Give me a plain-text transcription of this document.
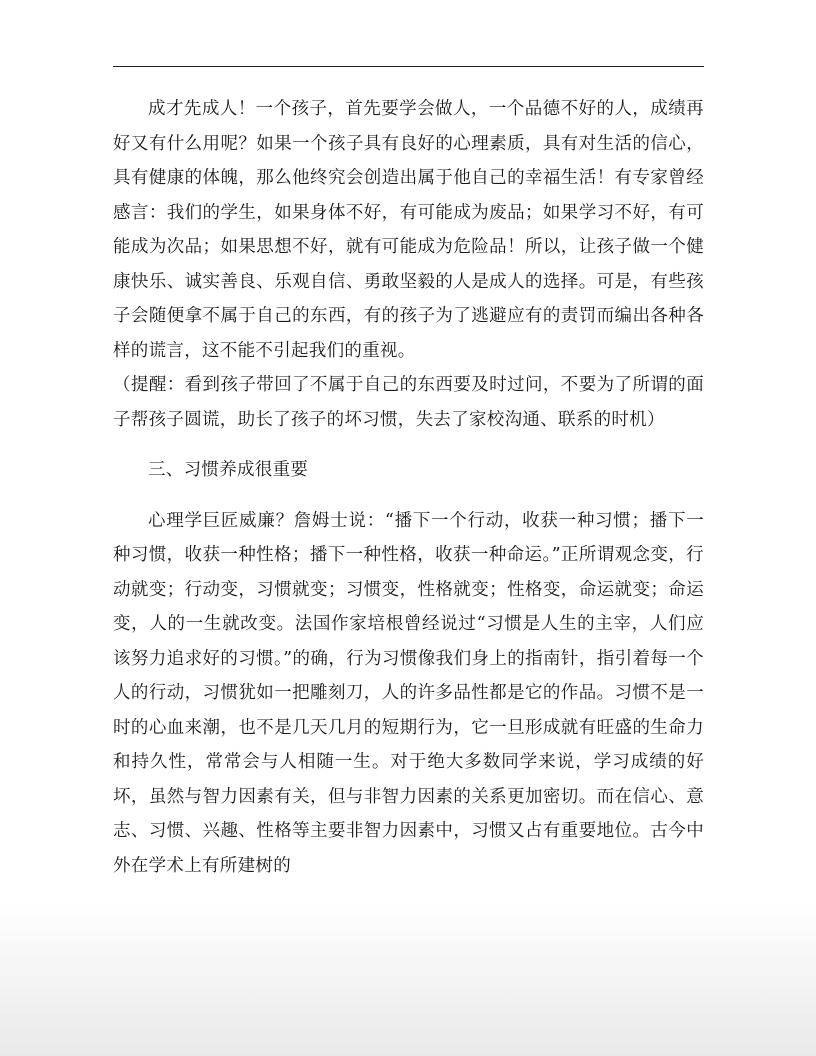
成才先成人！一个孩子，首先要学会做人，一个品德不好的人，成绩再好又有什么用呢？如果一个孩子具有良好的心理素质，具有对生活的信心，具有健康的体魄，那么他终究会创造出属于他自己的幸福生活！有专家曾经感言：我们的学生，如果身体不好，有可能成为废品；如果学习不好，有可能成为次品；如果思想不好，就有可能成为危险品！所以，让孩子做一个健康快乐、诚实善良、乐观自信、勇敢坚毅的人是成人的选择。可是，有些孩子会随便拿不属于自己的东西，有的孩子为了逃避应有的责罚而编出各种各样的谎言，这不能不引起我们的重视。

（提醒：看到孩子带回了不属于自己的东西要及时过问，不要为了所谓的面子帮孩子圆谎，助长了孩子的坏习惯，失去了家校沟通、联系的时机）

三、习惯养成很重要

心理学巨匠威廉？詹姆士说：“播下一个行动，收获一种习惯；播下一种习惯，收获一种性格；播下一种性格，收获一种命运。”正所谓观念变，行动就变；行动变，习惯就变；习惯变，性格就变；性格变，命运就变；命运变，人的一生就改变。法国作家培根曾经说过“习惯是人生的主宰，人们应该努力追求好的习惯。”的确，行为习惯像我们身上的指南针，指引着每一个人的行动，习惯犹如一把雕刻刀，人的许多品性都是它的作品。习惯不是一时的心血来潮，也不是几天几月的短期行为，它一旦形成就有旺盛的生命力和持久性，常常会与人相随一生。对于绝大多数同学来说，学习成绩的好坏，虽然与智力因素有关，但与非智力因素的关系更加密切。而在信心、意志、习惯、兴趣、性格等主要非智力因素中，习惯又占有重要地位。古今中外在学术上有所建树的
